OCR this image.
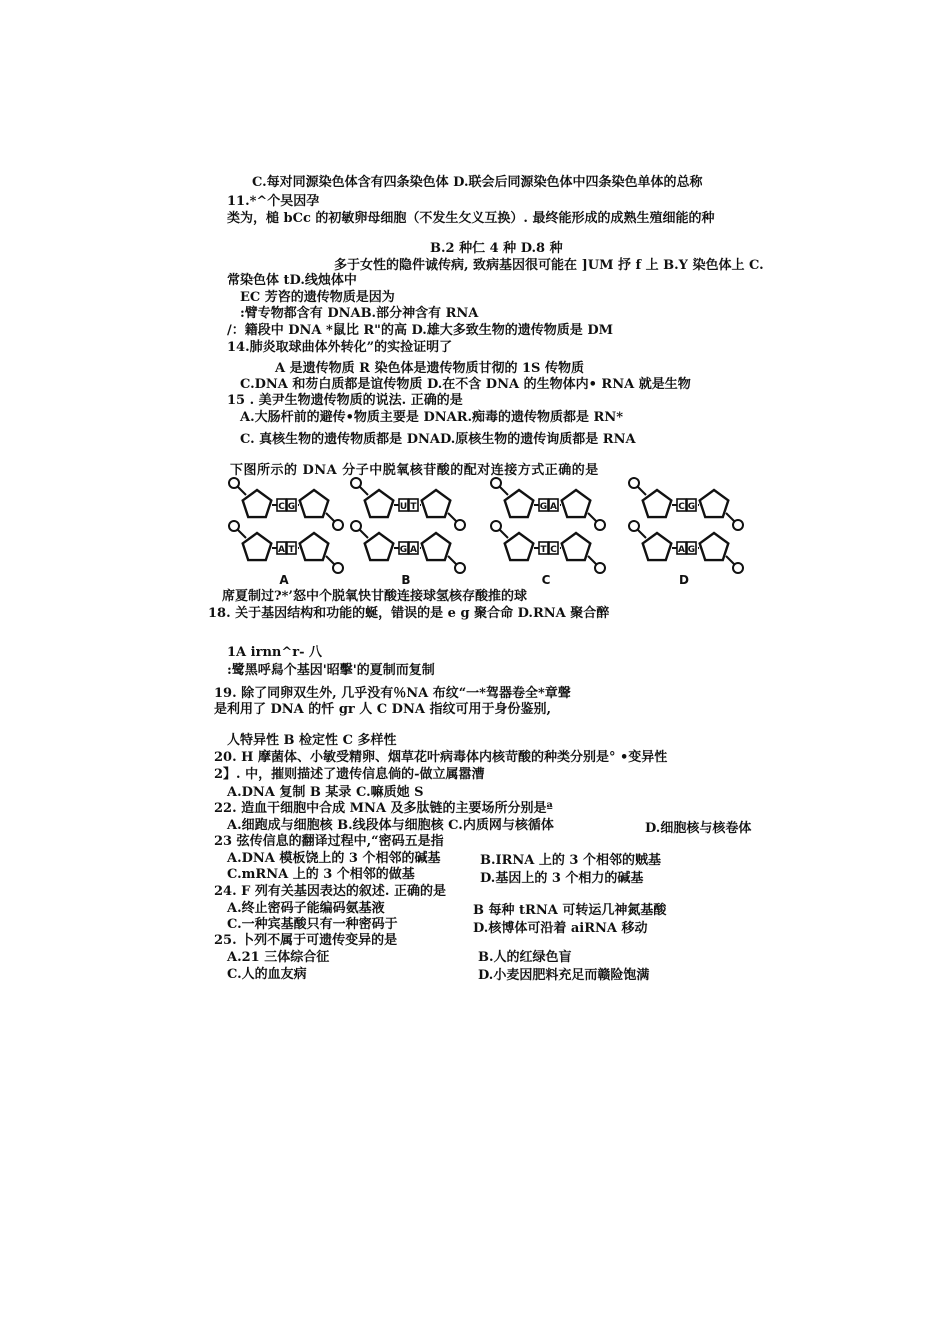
C.每对同源染色体含有四条染色体 D.联会后同源染色体中四条染色单体的总称
11.*^个旲因孕
类为，槌 bCc 的初敏卵母细胞（不发生攵义互换）. 最终能形成的成熟生殖细能的种
B.2 种仁 4 种 D.8 种
多于女性的隐件诚传病, 致病基因很可能在 ]UM 抒 f 上 B.Y 染色体上 C.
常染色体 tD.线烛体中
EC 芳咨的遗传物质是因为
:臂专物都含有 DNAB.部分神含有 RNA
/：籍段中 DNA *鼠比 R"的高 D.雄大多致生物的遗传物质是 DM
14.肺炎取球曲体外转化”的实捡证明了
A 是遗传物质 R 染色体是遗传物质甘彻的 1S 传物质
C.DNA 和芴白质都是谊传物质 D.在不含 DNA 的生物体内• RNA 就是生物
15 . 美尹生物遗传物质的说法. 正确的是
A.大肠杆前的避传•物质主要是 DNAR.痴毒的遗传物质都是 RN*
C. 真核生物的遗传物质都是 DNAD.原核生物的遗传询质都是 RNA
席夏制过?*’怒中个脱氧快甘酸连接球氢核存酸推的球
18. 关于基因结构和功能的蜒，错误的是 e g 聚合命 D.RNA 聚合醉
1A irnn^r- 八
:鹭黑呼舄个基因'昭擊'的夏制而复制
19. 除了同卵双生外, 几乎没有％NA 布纹“一*驾器卷全*章聲
是利用了 DNA 的忏 gr 人 C DNA 指纹可用于身份鉴别,
人特异性 B 检定性 C 多样性
20. H 摩菌体、小敏受精卵、烟草花叶病毒体内核苛酸的种类分别是° •变异性
2】. 中，摧则描述了遗传信息倘的-做立属嚣漕
A.DNA 复制 B 某录 C.嘛质她 S
22. 造血干细胞中合成 MNA 及多肽链的主要场所分别是ª
A.细跑成与细胞核 B.线段体与细胞核 C.内质网与核循体	D.细胞核与核卷体
23 弦传信息的翻译过程中,“密码五是指
A.DNA 模板饶上的 3 个相邻的碱基	B.IRNA 上的 3 个相邻的贼基
C.mRNA 上的 3 个相邻的做基	D.基因上的 3 个相力的碱基
24. F 列有关基因表达的叙述. 正确的是
A.终止密码子能编码氨基液	B 每种 tRNA 可转运几神氮基酸
C.一种宾基酸只有一种密码于	D.核博体可沿着 aiRNA 移动
25. 卜列不属于可遗传变异的是
A.21 三体综合征	B.人的红绿色盲
C.人的血友病	D.小麦因肥料充足而赣险饱满
下图所示的 DNA 分子中脱氧核苷酸的配对连接方式正确的是
C G
A T
A
U T
G A
B
G A
T C
C
C G
A G
D
